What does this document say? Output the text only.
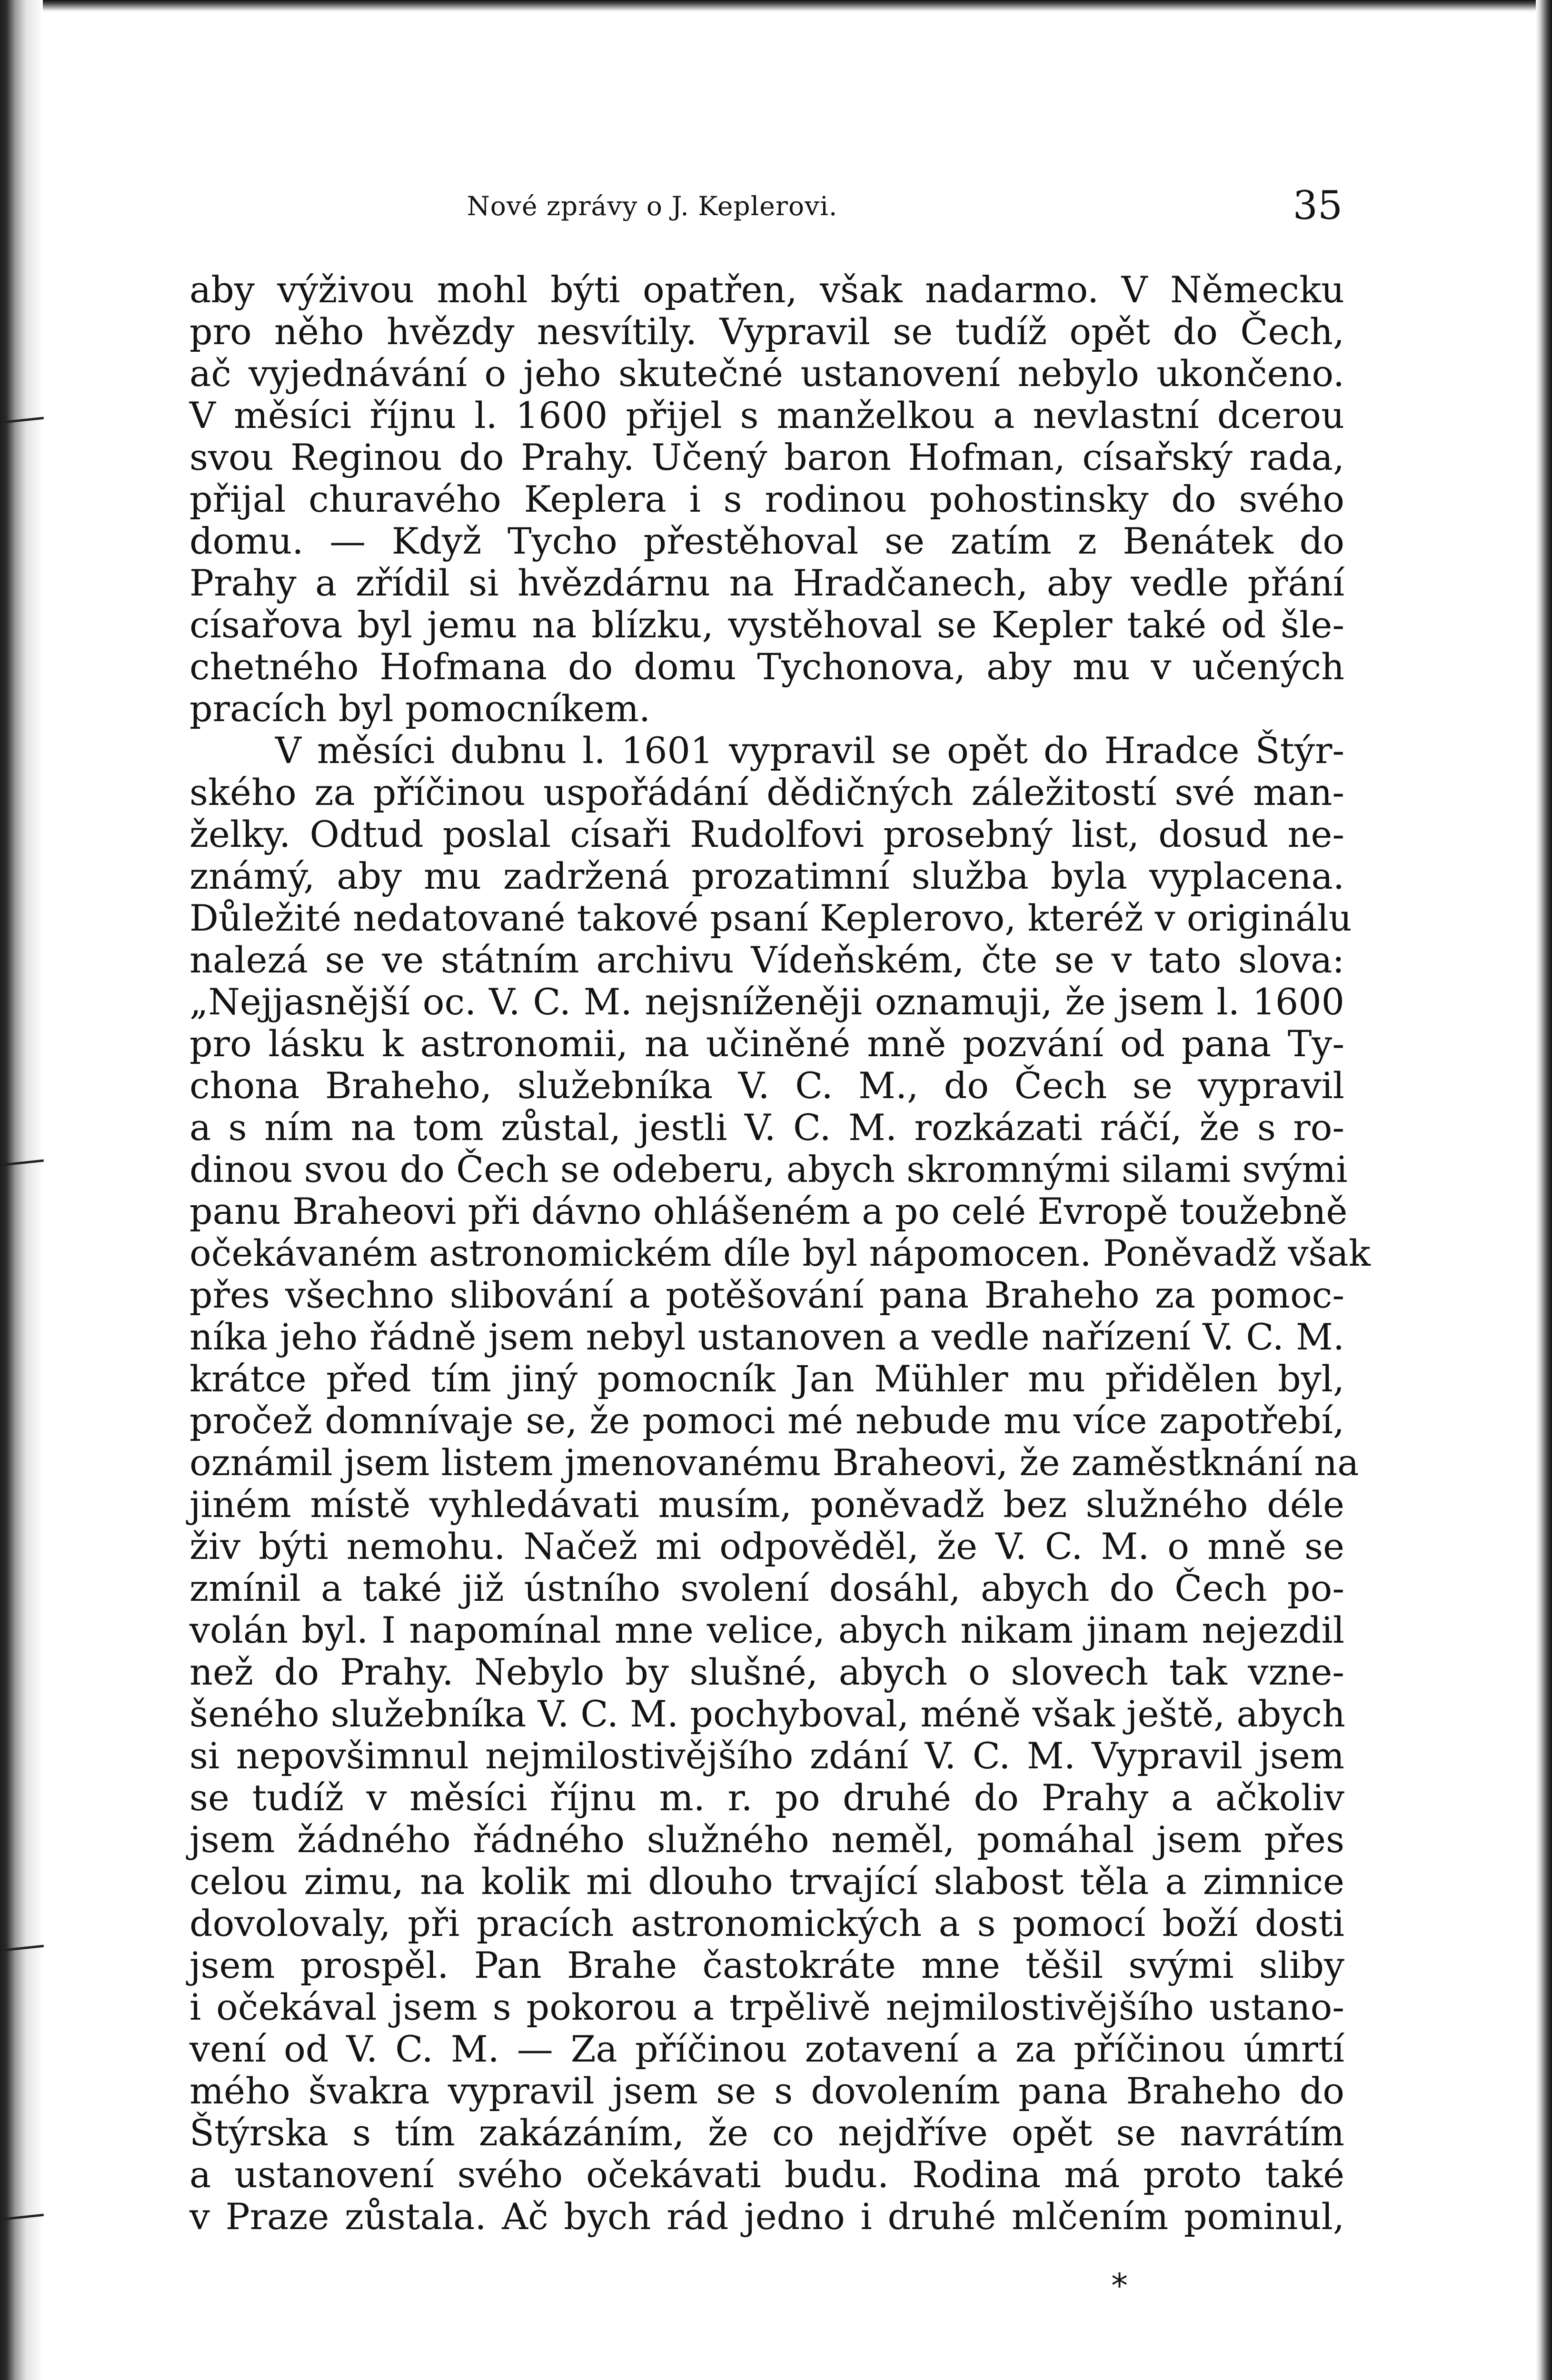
Nové zprávy o J. Keplerovi.	35
aby výživou mohl býti opatřen, však nadarmo. V Německu
pro něho hvězdy nesvítily. Vypravil se tudíž opět do Čech,
ač vyjednávání o jeho skutečné ustanovení nebylo ukončeno.
V měsíci říjnu l. 1600 přijel s manželkou a nevlastní dcerou
svou Reginou do Prahy. Učený baron Hofman, císařský rada,
přijal churavého Keplera i s rodinou pohostinsky do svého
domu. — Když Tycho přestěhoval se zatím z Benátek do
Prahy a zřídil si hvězdárnu na Hradčanech, aby vedle přání
císařova byl jemu na blízku, vystěhoval se Kepler také od šle-
chetného Hofmana do domu Tychonova, aby mu v učených
pracích byl pomocníkem.
V měsíci dubnu l. 1601 vypravil se opět do Hradce Štýr-
ského za příčinou uspořádání dědičných záležitostí své man-
želky. Odtud poslal císaři Rudolfovi prosebný list, dosud ne-
známý, aby mu zadržená prozatimní služba byla vyplacena.
Důležité nedatované takové psaní Keplerovo, kteréž v originálu
nalezá se ve státním archivu Vídeňském, čte se v tato slova:
„Nejjasnější oc. V. C. M. nejsníženěji oznamuji, že jsem l. 1600
pro lásku k astronomii, na učiněné mně pozvání od pana Ty-
chona Braheho, služebníka V. C. M., do Čech se vypravil
a s ním na tom zůstal, jestli V. C. M. rozkázati ráčí, že s ro-
dinou svou do Čech se odeberu, abych skromnými silami svými
panu Braheovi při dávno ohlášeném a po celé Evropě toužebně
očekávaném astronomickém díle byl nápomocen. Poněvadž však
přes všechno slibování a potěšování pana Braheho za pomoc-
níka jeho řádně jsem nebyl ustanoven a vedle nařízení V. C. M.
krátce před tím jiný pomocník Jan Mühler mu přidělen byl,
pročež domnívaje se, že pomoci mé nebude mu více zapotřebí,
oznámil jsem listem jmenovanému Braheovi, že zaměstknání na
jiném místě vyhledávati musím, poněvadž bez služného déle
živ býti nemohu. Načež mi odpověděl, že V. C. M. o mně se
zmínil a také již ústního svolení dosáhl, abych do Čech po-
volán byl. I napomínal mne velice, abych nikam jinam nejezdil
než do Prahy. Nebylo by slušné, abych o slovech tak vzne-
šeného služebníka V. C. M. pochyboval, méně však ještě, abych
si nepovšimnul nejmilostivějšího zdání V. C. M. Vypravil jsem
se tudíž v měsíci říjnu m. r. po druhé do Prahy a ačkoliv
jsem žádného řádného služného neměl, pomáhal jsem přes
celou zimu, na kolik mi dlouho trvající slabost těla a zimnice
dovolovaly, při pracích astronomických a s pomocí boží dosti
jsem prospěl. Pan Brahe častokráte mne těšil svými sliby
i očekával jsem s pokorou a trpělivě nejmilostivějšího ustano-
vení od V. C. M. — Za příčinou zotavení a za příčinou úmrtí
mého švakra vypravil jsem se s dovolením pana Braheho do
Štýrska s tím zakázáním, že co nejdříve opět se navrátím
a ustanovení svého očekávati budu. Rodina má proto také
v Praze zůstala. Ač bych rád jedno i druhé mlčením pominul,
*
